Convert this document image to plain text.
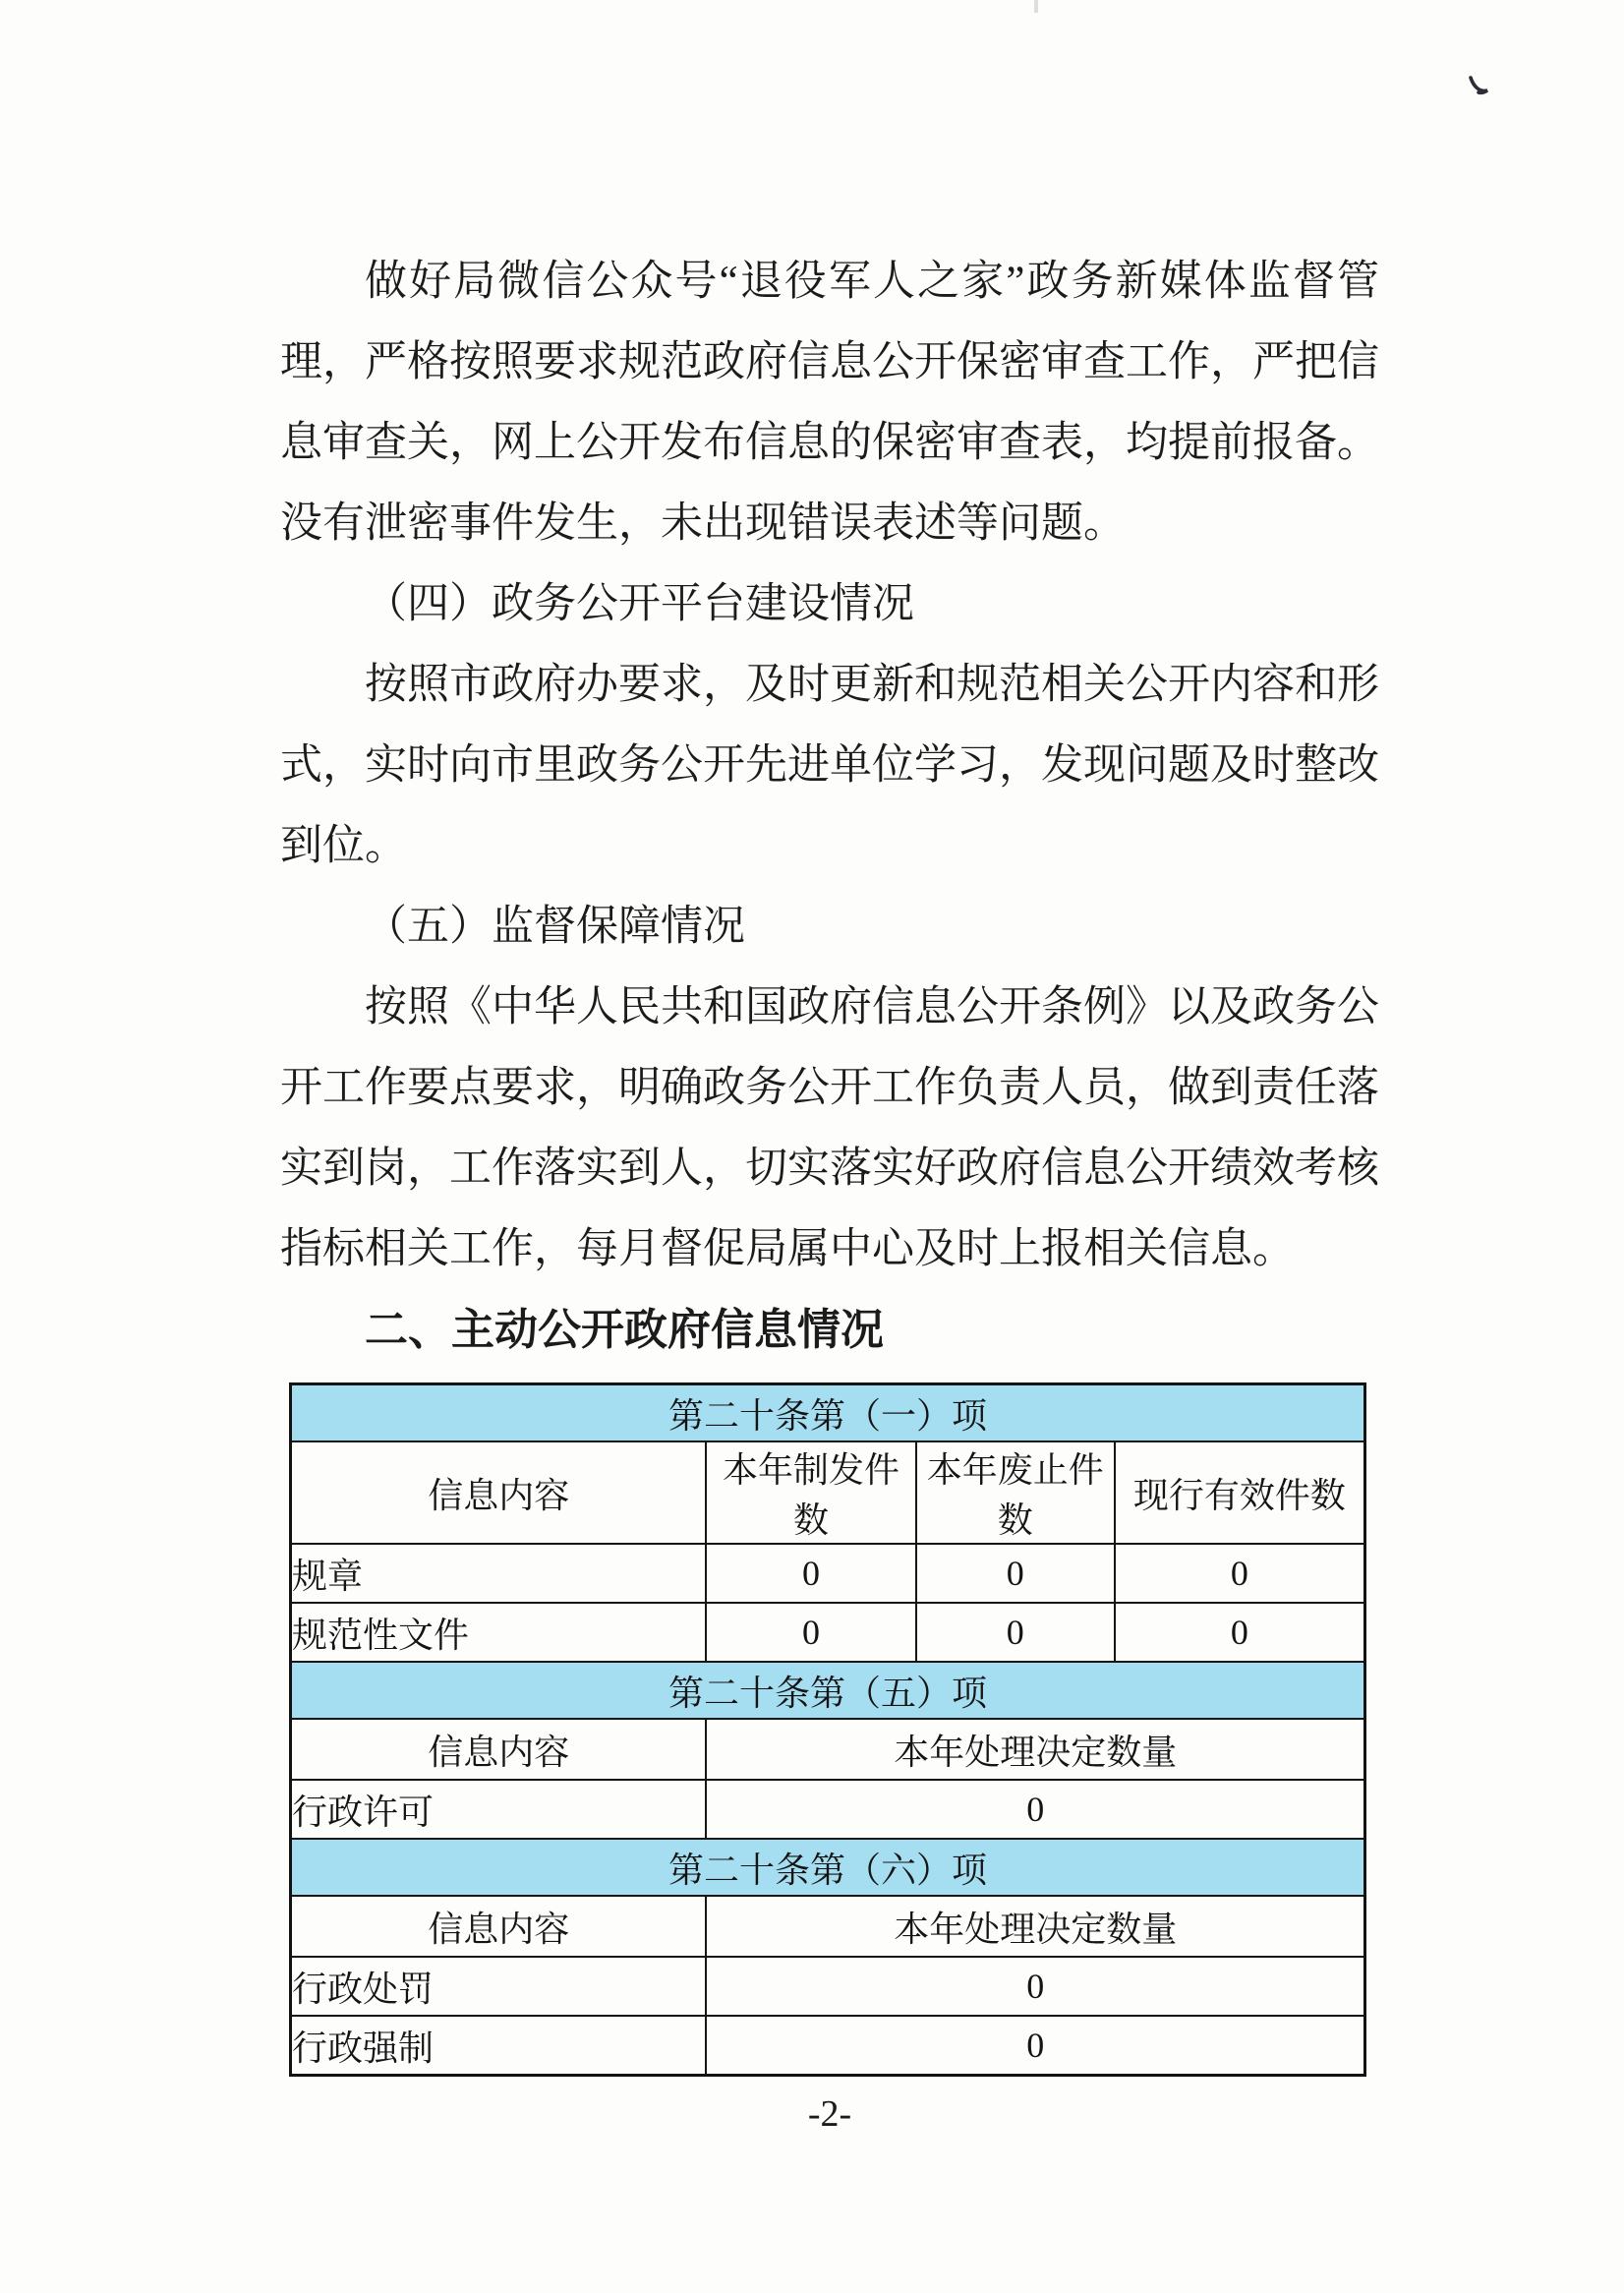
做好局微信公众号“退役军人之家”政务新媒体监督管理，严格按照要求规范政府信息公开保密审查工作，严把信息审查关，网上公开发布信息的保密审查表，均提前报备。没有泄密事件发生，未出现错误表述等问题。

（四）政务公开平台建设情况

按照市政府办要求，及时更新和规范相关公开内容和形式，实时向市里政务公开先进单位学习，发现问题及时整改到位。

（五）监督保障情况

按照《中华人民共和国政府信息公开条例》以及政务公开工作要点要求，明确政务公开工作负责人员，做到责任落实到岗，工作落实到人，切实落实好政府信息公开绩效考核指标相关工作，每月督促局属中心及时上报相关信息。

二、主动公开政府信息情况

第二十条第（一）项			
信息内容	本年制发件数	本年废止件数	现行有效件数
规章	0	0	0
规范性文件	0	0	0
第二十条第（五）项			
信息内容	本年处理决定数量		
行政许可	0		
第二十条第（六）项			
信息内容	本年处理决定数量		
行政处罚	0		
行政强制	0		
-2-
